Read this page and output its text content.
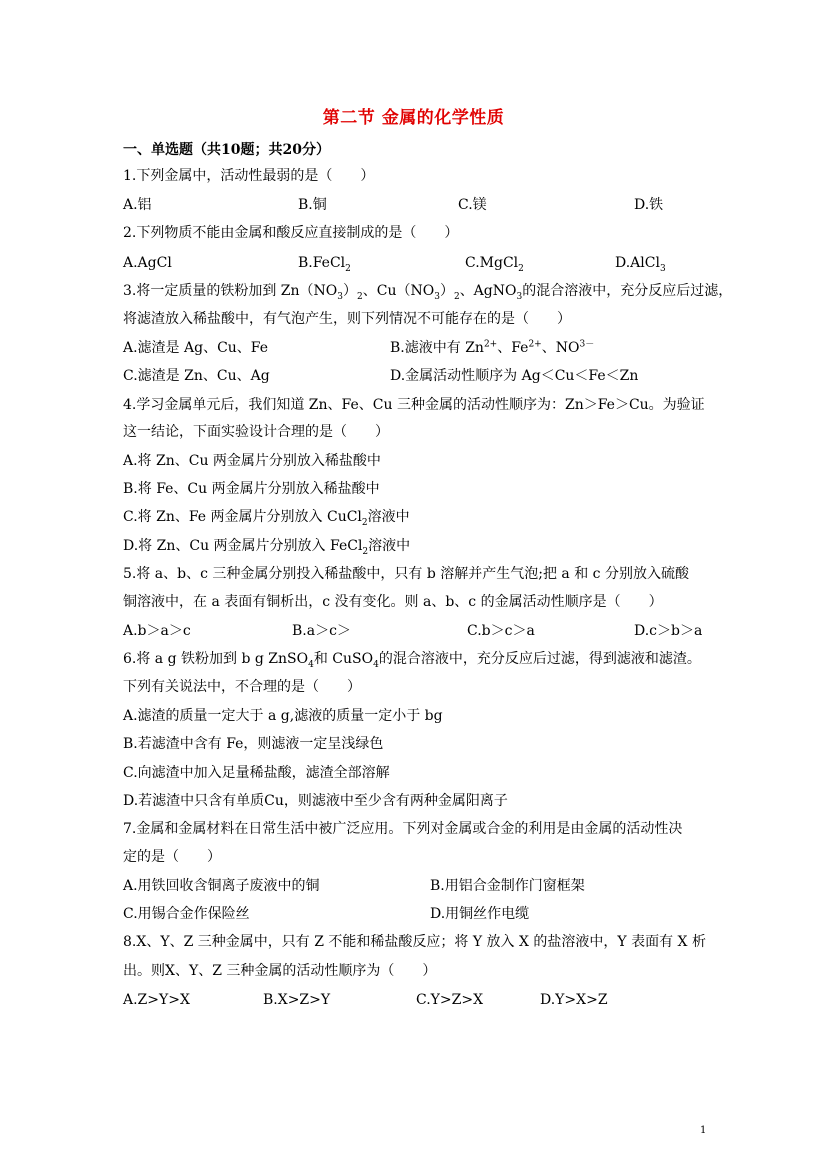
第二节 金属的化学性质
一、单选题（共10题；共20分）
1.下列金属中，活动性最弱的是（　　）
A.铝	B.铜	C.镁	D.铁
2.下列物质不能由金属和酸反应直接制成的是（　　）
A.AgCl	B.FeCl$_2$	C.MgCl$_2$	D.AlCl$_3$
3.将一定质量的铁粉加到 $Zn(NO_3)_2$、$Cu(NO_3)_2$、AgNO$_3$的混合溶液中，充分反应后过滤，
将滤渣放入稀盐酸中，有气泡产生，则下列情况不可能存在的是（　　）
A.滤渣是 Ag、Cu、Fe	B.滤液中有 $Zn^{2+}$、$Fe^{2+}$、$NO^{3-}$
C.滤渣是 Zn、Cu、Ag	D.金属活动性顺序为 Ag＜Cu＜Fe＜Zn
4.学习金属单元后，我们知道 Zn、Fe、Cu 三种金属的活动性顺序为：Zn＞Fe＞Cu。为验证
这一结论，下面实验设计合理的是（　　）
A.将 Zn、Cu 两金属片分别放入稀盐酸中
B.将 Fe、Cu 两金属片分别放入稀盐酸中
C.将 Zn、Fe 两金属片分别放入 CuCl$_2$溶液中
D.将 Zn、Cu 两金属片分别放入 FeCl$_2$溶液中
5.将 a、b、c 三种金属分别投入稀盐酸中，只有 b 溶解并产生气泡;把 a 和 c 分别放入硫酸
铜溶液中，在 a 表面有铜析出，c 没有变化。则 a、b、c 的金属活动性顺序是（　　）
A.b＞a＞c	B.a＞c＞	C.b＞c＞a	D.c＞b＞a
6.将 a g 铁粉加到 b g ZnSO$_4$和 CuSO$_4$的混合溶液中，充分反应后过滤，得到滤液和滤渣。
下列有关说法中，不合理的是（　　）
A.滤渣的质量一定大于 a g,滤液的质量一定小于 bg
B.若滤渣中含有 Fe，则滤液一定呈浅绿色
C.向滤渣中加入足量稀盐酸，滤渣全部溶解
D.若滤渣中只含有单质Cu，则滤液中至少含有两种金属阳离子
7.金属和金属材料在日常生活中被广泛应用。下列对金属或合金的利用是由金属的活动性决
定的是（　　）
A.用铁回收含铜离子废液中的铜	B.用铝合金制作门窗框架
C.用锡合金作保险丝	D.用铜丝作电缆
8.X、Y、Z 三种金属中，只有 Z 不能和稀盐酸反应；将 Y 放入 X 的盐溶液中，Y 表面有 X 析
出。则X、Y、Z 三种金属的活动性顺序为（　　）
A.Z>Y>X	B.X>Z>Y	C.Y>Z>X	D.Y>X>Z
1
